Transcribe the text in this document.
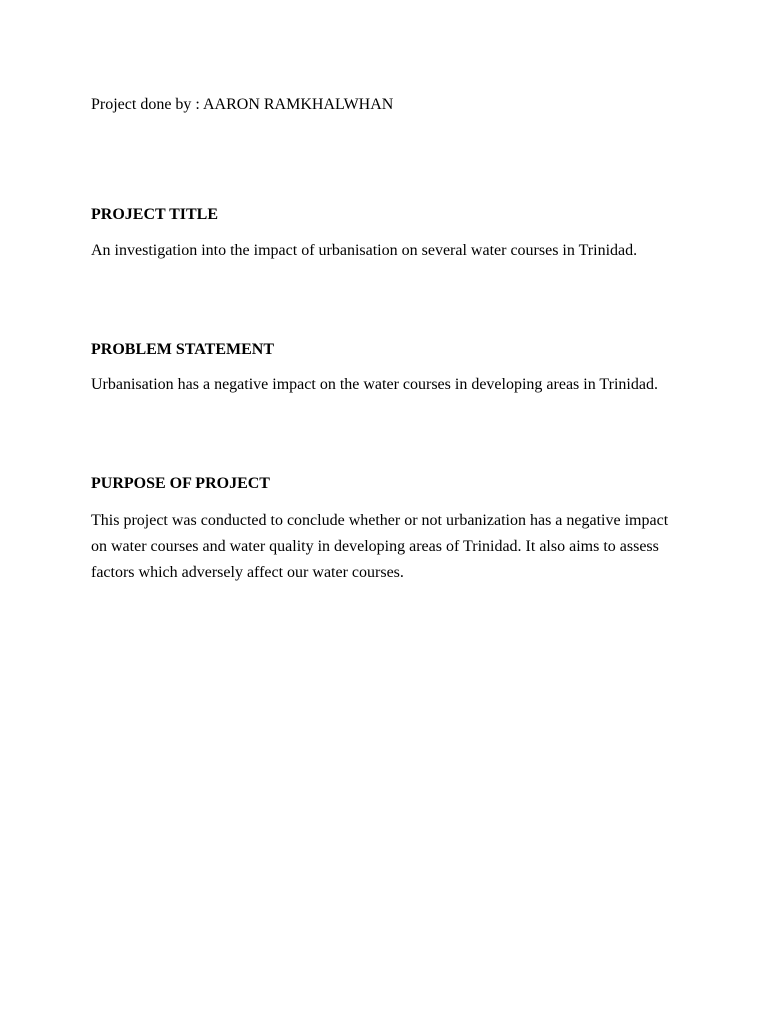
Project done by : AARON RAMKHALWHAN
PROJECT TITLE
An investigation into the impact of urbanisation on several water courses in Trinidad.
PROBLEM STATEMENT
Urbanisation has a negative impact on the water courses in developing areas in Trinidad.
PURPOSE OF PROJECT
This project was conducted to conclude whether or not urbanization has a negative impact on water courses and water quality in developing areas of Trinidad. It also aims to assess factors which adversely affect our water courses.
